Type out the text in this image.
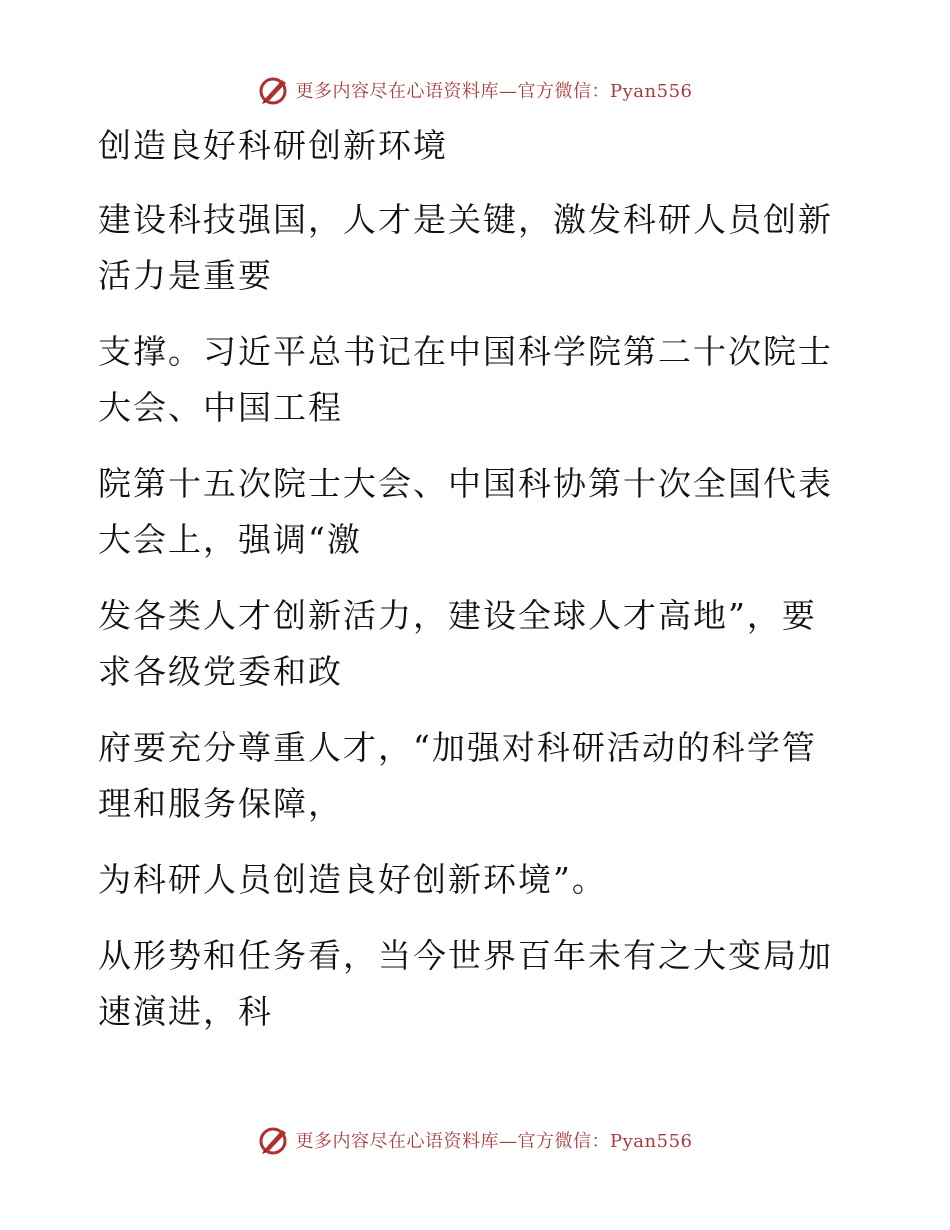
更多内容尽在心语资料库—官方微信：Pyan556
创造良好科研创新环境
建设科技强国，人才是关键，激发科研人员创新
活力是重要
支撑。习近平总书记在中国科学院第二十次院士
大会、中国工程
院第十五次院士大会、中国科协第十次全国代表
大会上，强调“激
发各类人才创新活力，建设全球人才高地”，要
求各级党委和政
府要充分尊重人才，“加强对科研活动的科学管
理和服务保障，
为科研人员创造良好创新环境”。
从形势和任务看，当今世界百年未有之大变局加
速演进，科
更多内容尽在心语资料库—官方微信：Pyan556
